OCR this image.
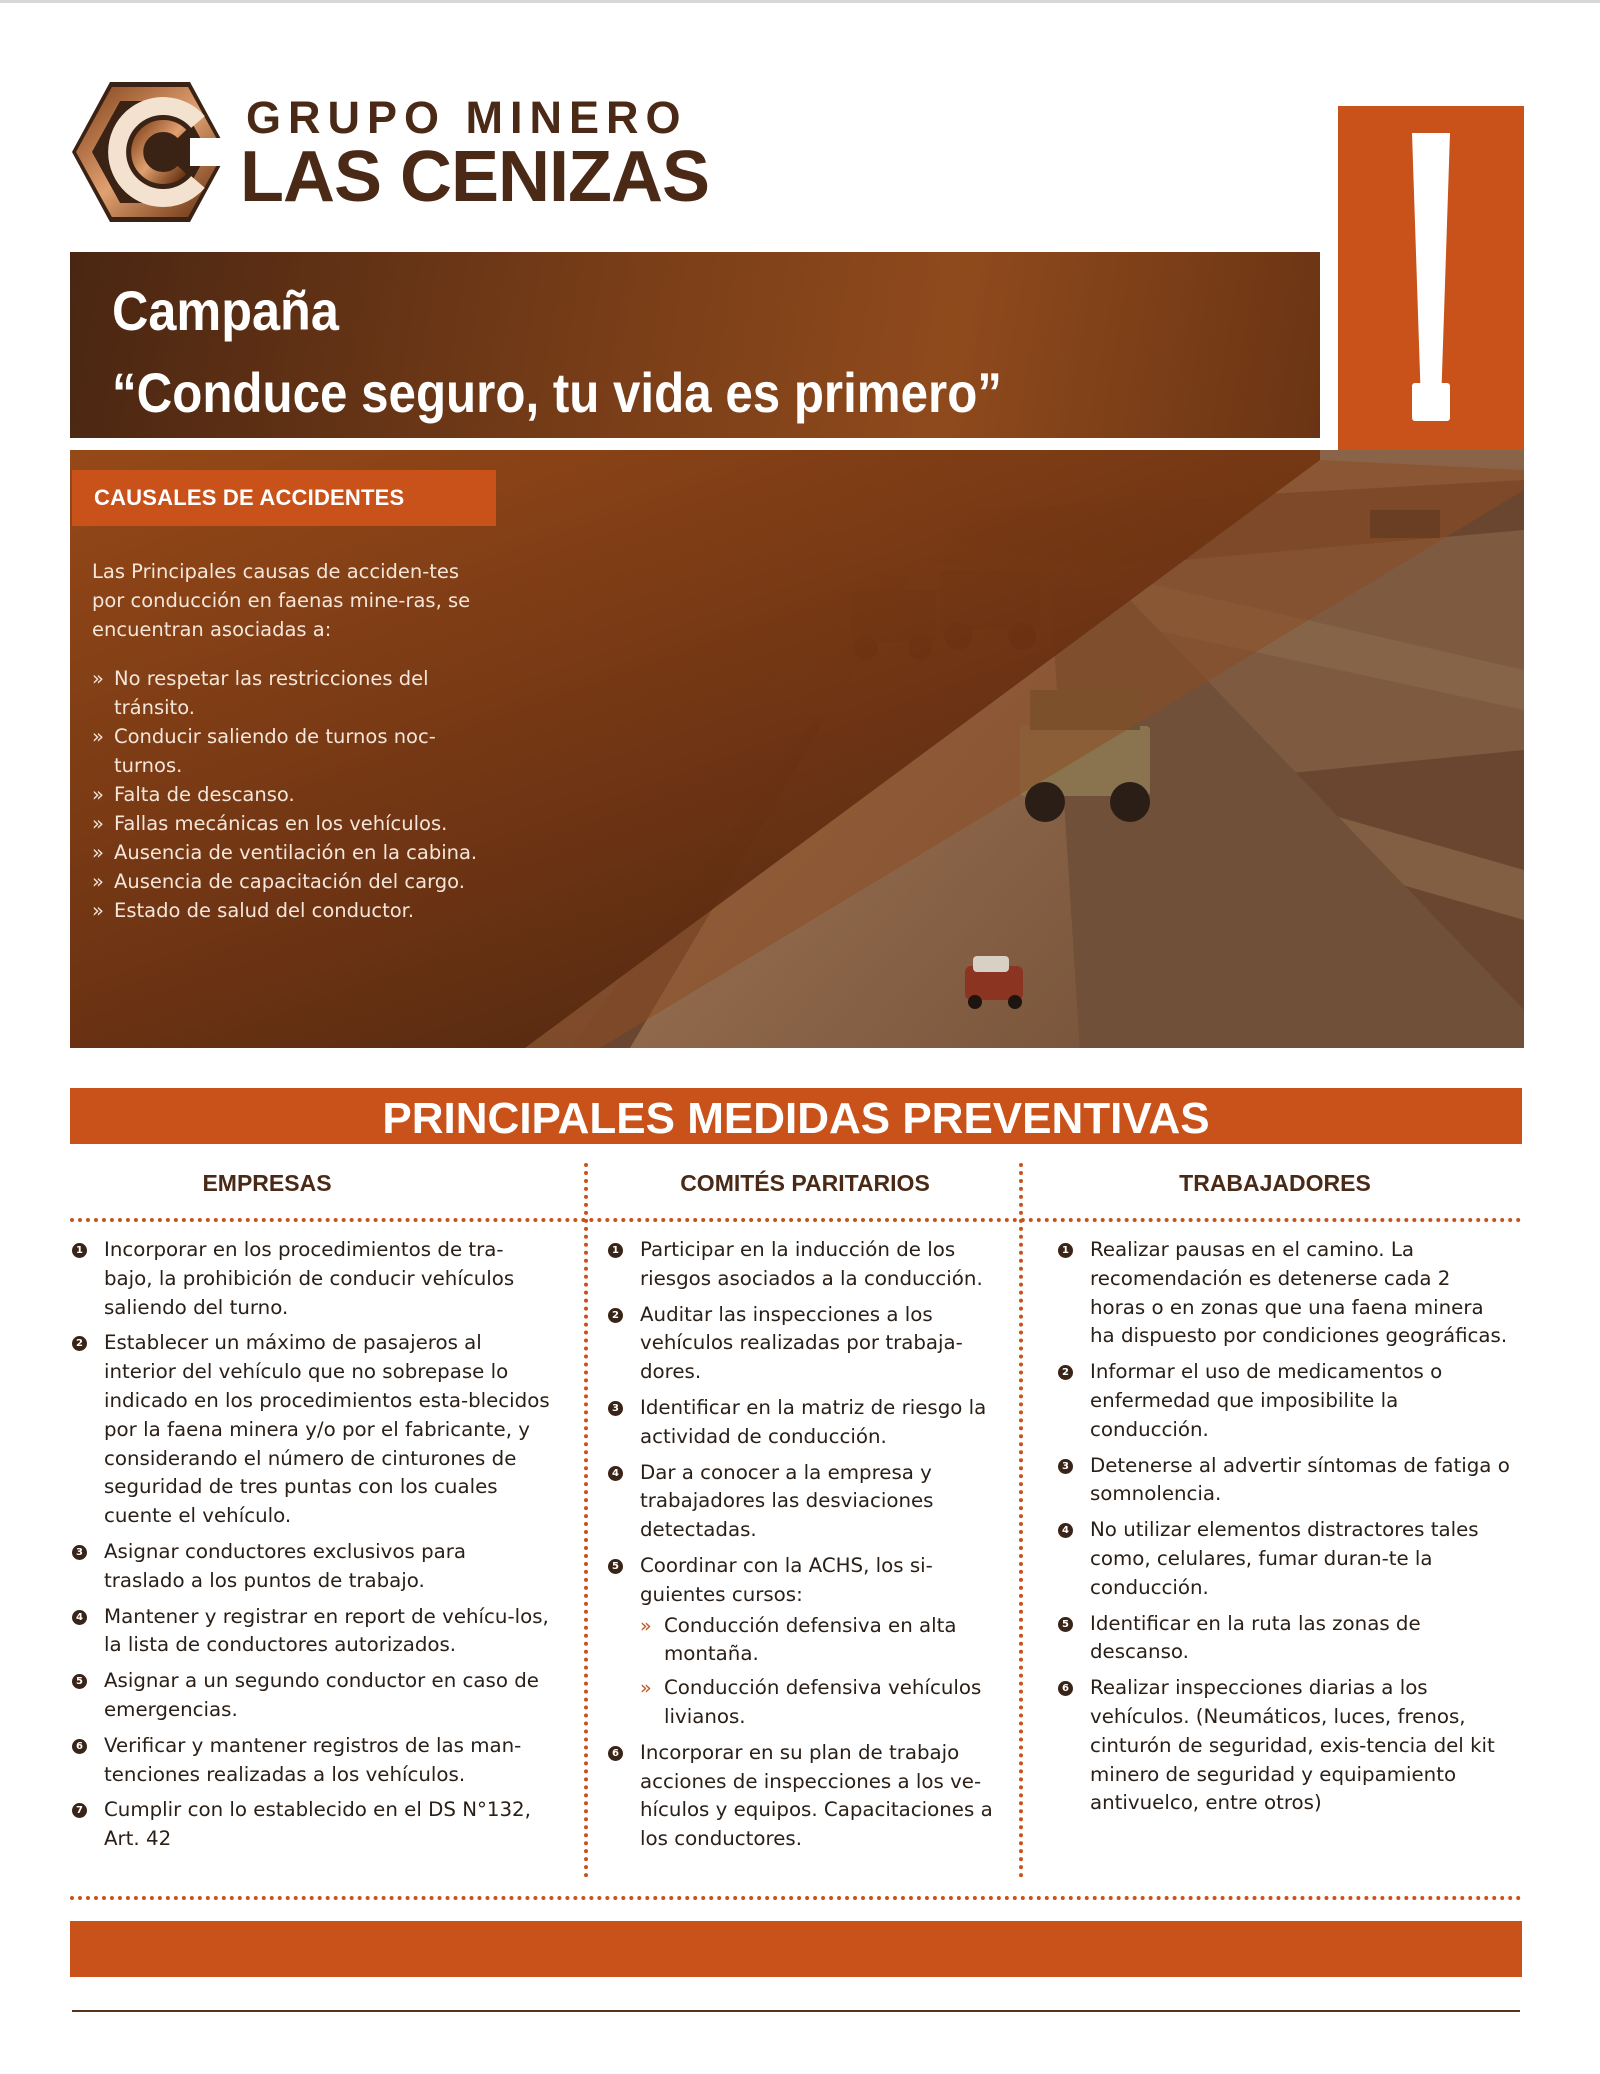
GRUPO MINERO
LAS CENIZAS
Campaña
“Conduce seguro, tu vida es primero”
CAUSALES DE ACCIDENTES
Las Principales causas de acciden-tes por conducción en faenas mine-ras, se encuentran asociadas a:
» No respetar las restricciones del tránsito.
» Conducir saliendo de turnos noc-turnos.
» Falta de descanso.
» Fallas mecánicas en los vehículos.
» Ausencia de ventilación en la cabina.
» Ausencia de capacitación del cargo.
» Estado de salud del conductor.
PRINCIPALES MEDIDAS PREVENTIVAS
EMPRESAS	COMITÉS PARITARIOS	TRABAJADORES
1 Incorporar en los procedimientos de tra-bajo, la prohibición de conducir vehículos saliendo del turno.
2 Establecer un máximo de pasajeros al interior del vehículo que no sobrepase lo indicado en los procedimientos esta-blecidos por la faena minera y/o por el fabricante, y considerando el número de cinturones de seguridad de tres puntas con los cuales cuente el vehículo.
3 Asignar conductores exclusivos para traslado a los puntos de trabajo.
4 Mantener y registrar en report de vehícu-los, la lista de conductores autorizados.
5 Asignar a un segundo conductor en caso de emergencias.
6 Verificar y mantener registros de las man-tenciones realizadas a los vehículos.
7 Cumplir con lo establecido en el DS N°132, Art. 42
1 Participar en la inducción de los riesgos asociados a la conducción.
2 Auditar las inspecciones a los vehículos realizadas por trabaja-dores.
3 Identificar en la matriz de riesgo la actividad de conducción.
4 Dar a conocer a la empresa y trabajadores las desviaciones detectadas.
5 Coordinar con la ACHS, los si-guientes cursos:
» Conducción defensiva en alta montaña.
» Conducción defensiva vehículos livianos.
6 Incorporar en su plan de trabajo acciones de inspecciones a los ve-hículos y equipos. Capacitaciones a los conductores.
1 Realizar pausas en el camino. La recomendación es detenerse cada 2 horas o en zonas que una faena minera ha dispuesto por condiciones geográficas.
2 Informar el uso de medicamentos o enfermedad que imposibilite la conducción.
3 Detenerse al advertir síntomas de fatiga o somnolencia.
4 No utilizar elementos distractores tales como, celulares, fumar duran-te la conducción.
5 Identificar en la ruta las zonas de descanso.
6 Realizar inspecciones diarias a los vehículos. (Neumáticos, luces, frenos, cinturón de seguridad, exis-tencia del kit minero de seguridad y equipamiento antivuelco, entre otros)
